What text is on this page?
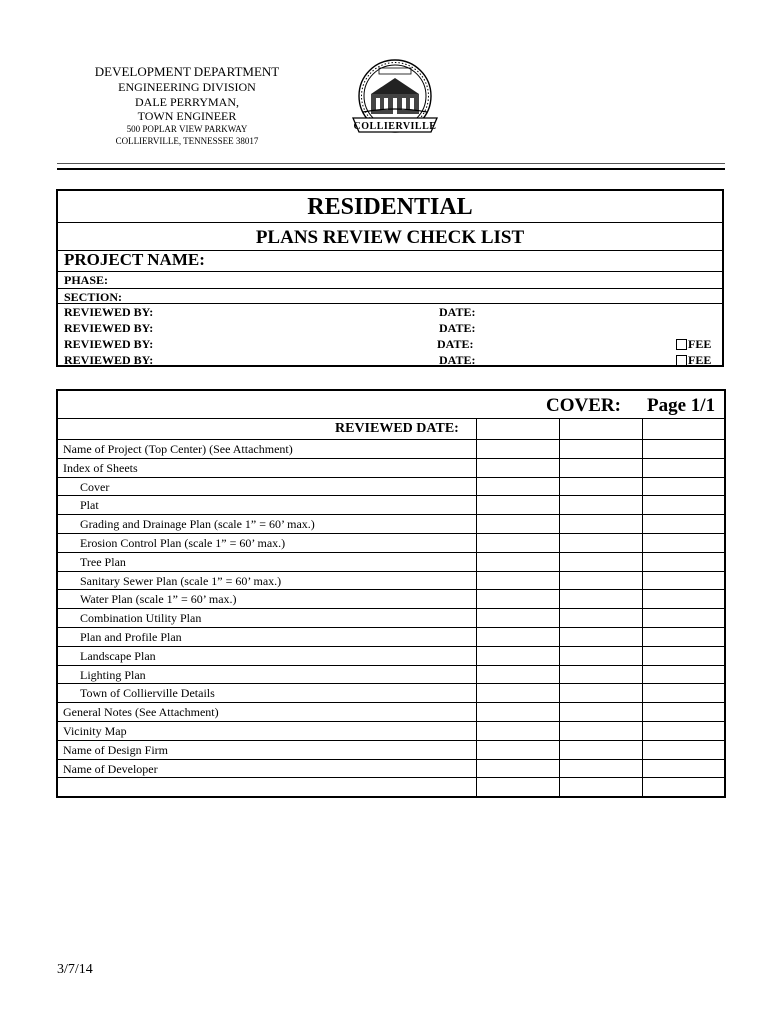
DEVELOPMENT DEPARTMENT
ENGINEERING DIVISION
DALE PERRYMAN,
TOWN ENGINEER
500 POPLAR VIEW PARKWAY
COLLIERVILLE, TENNESSEE 38017
COLLIERVILLE
RESIDENTIAL
PLANS REVIEW CHECK LIST
PROJECT NAME:
PHASE:
SECTION:
REVIEWED BY:	DATE:
REVIEWED BY:	DATE:
REVIEWED BY:	DATE:	FEE
REVIEWED BY:	DATE:	FEE
COVER: Page 1/1
REVIEWED DATE:
Name of Project (Top Center) (See Attachment)
Index of Sheets
Cover
Plat
Grading and Drainage Plan (scale 1” = 60’ max.)
Erosion Control Plan (scale 1” = 60’ max.)
Tree Plan
Sanitary Sewer Plan (scale 1” = 60’ max.)
Water Plan (scale 1” = 60’ max.)
Combination Utility Plan
Plan and Profile Plan
Landscape Plan
Lighting Plan
Town of Collierville Details
General Notes (See Attachment)
Vicinity Map
Name of Design Firm
Name of Developer
3/7/14
